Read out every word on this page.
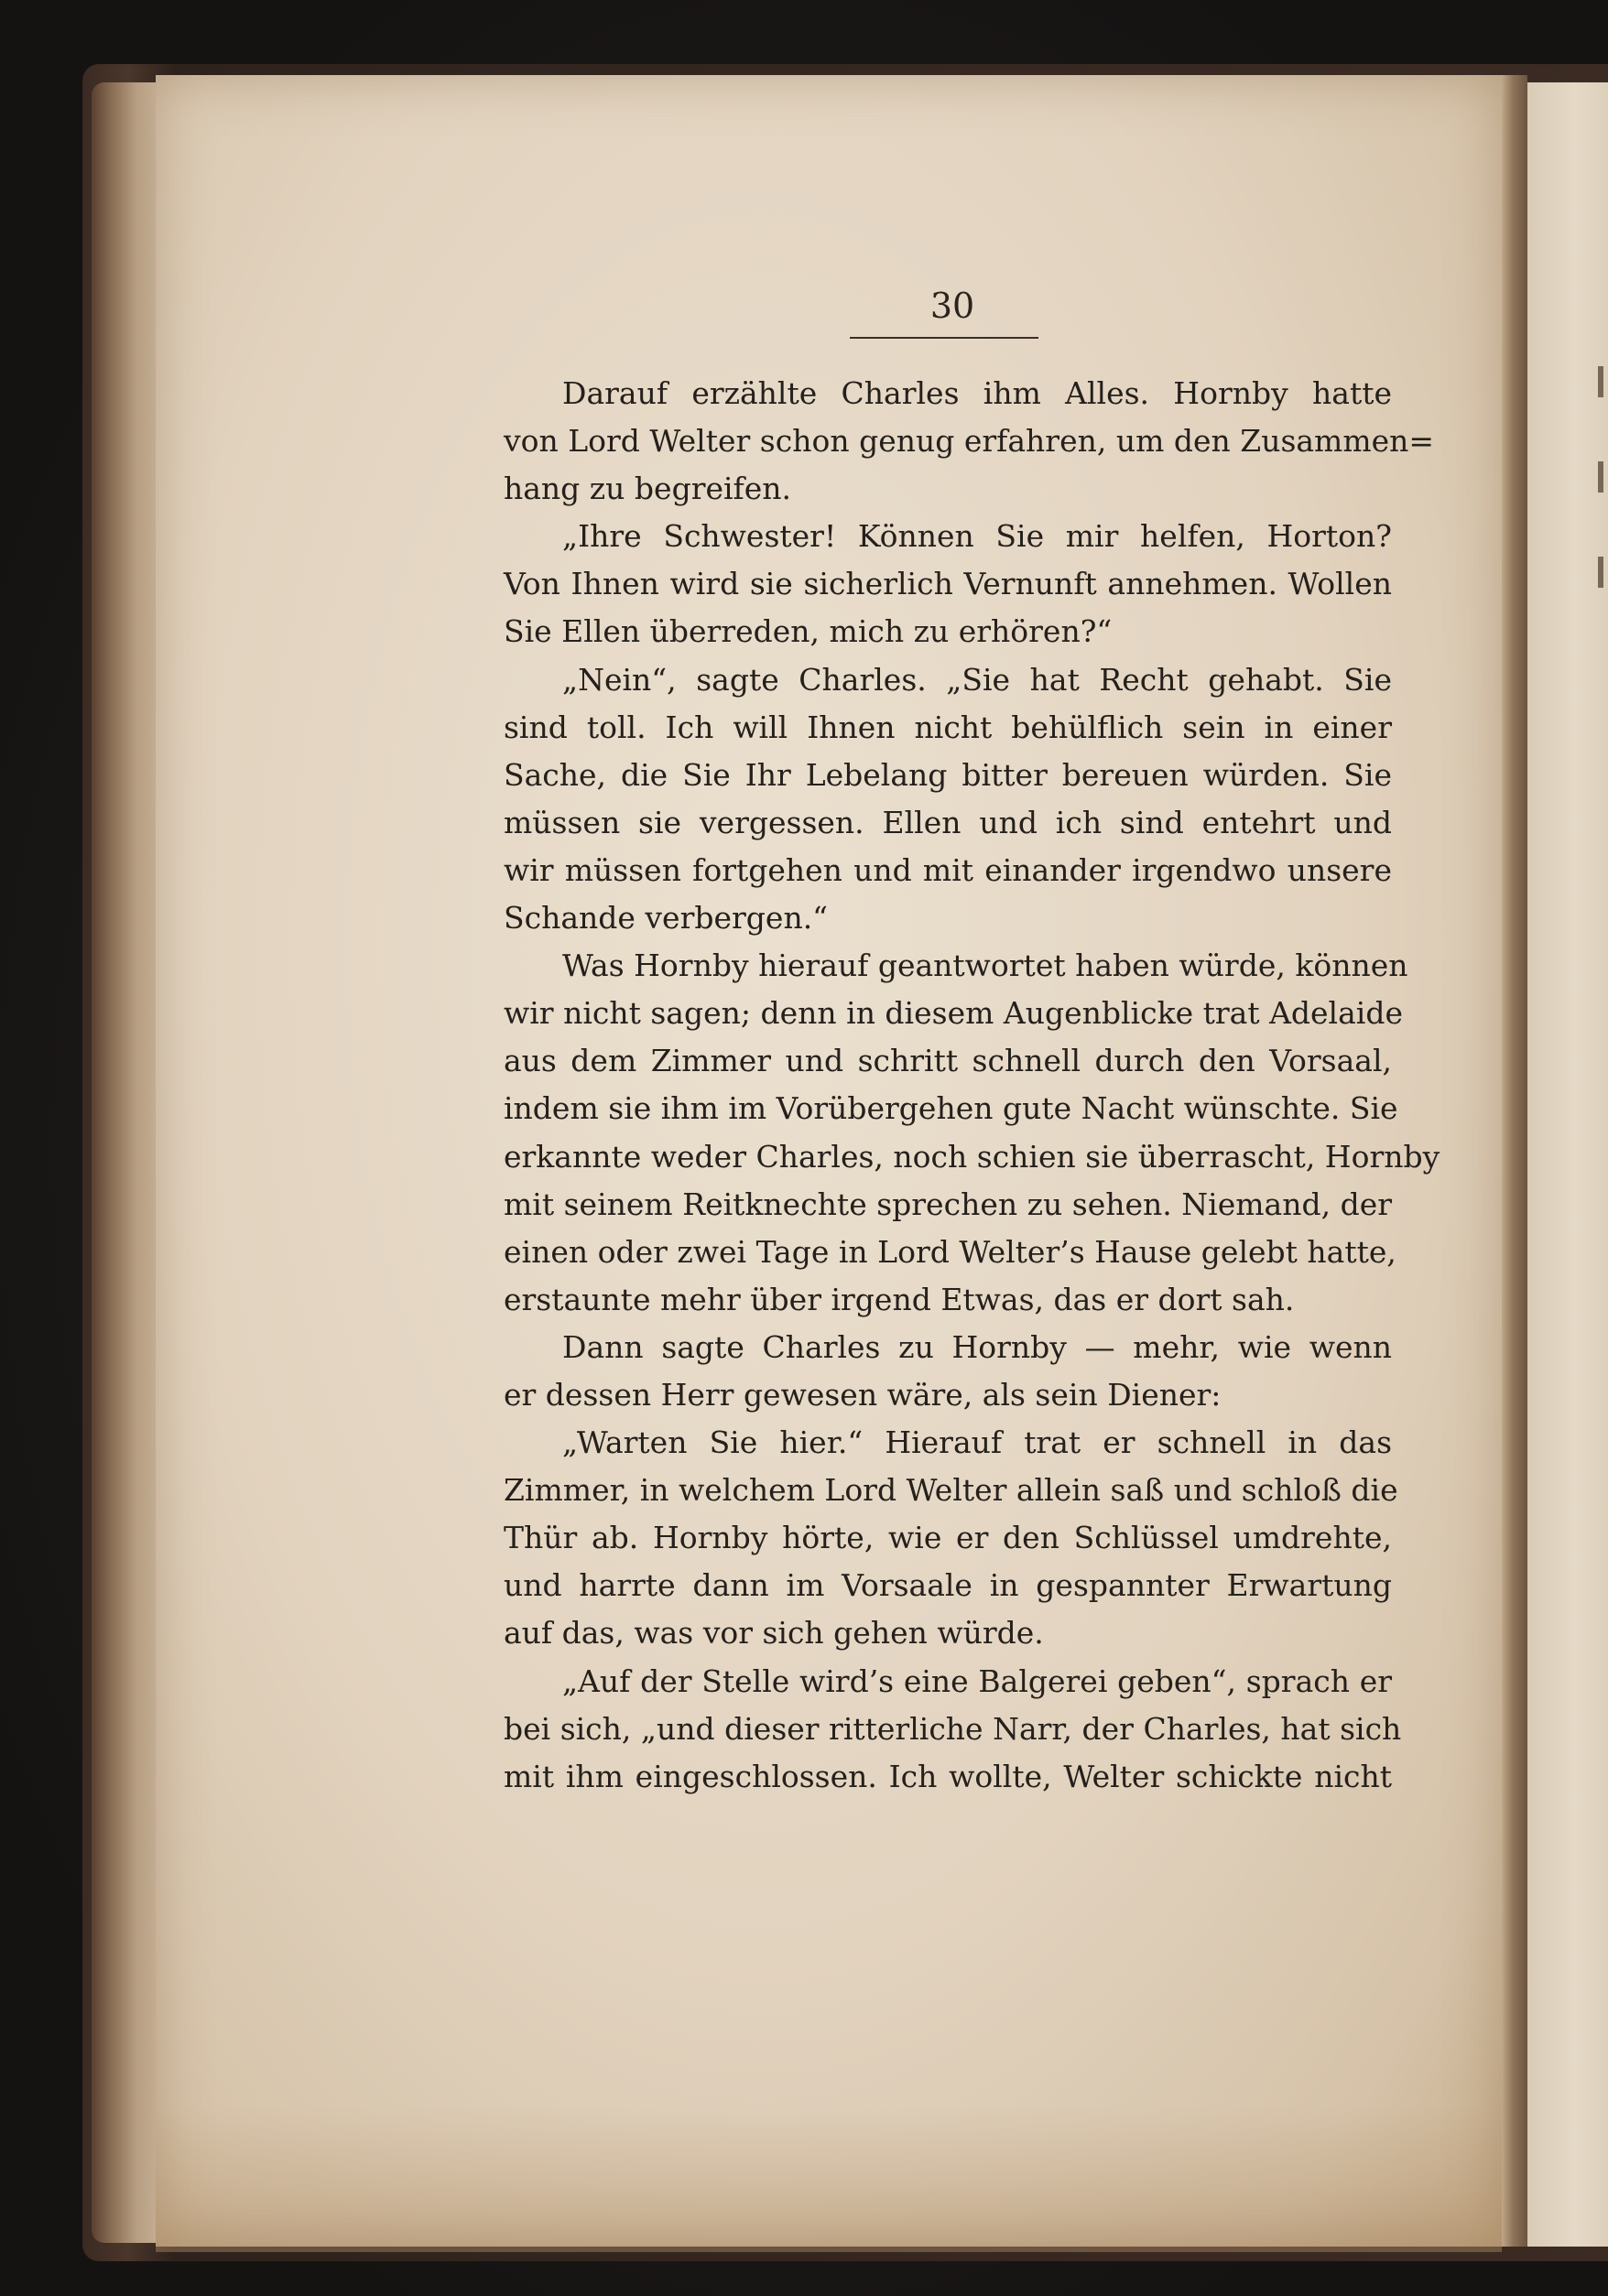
30
Darauf erzählte Charles ihm Alles. Hornby hatte
von Lord Welter schon genug erfahren, um den Zusammen=
hang zu begreifen.
„Ihre Schwester! Können Sie mir helfen, Horton?
Von Ihnen wird sie sicherlich Vernunft annehmen. Wollen
Sie Ellen überreden, mich zu erhören?“
„Nein“, sagte Charles. „Sie hat Recht gehabt. Sie
sind toll. Ich will Ihnen nicht behülflich sein in einer
Sache, die Sie Ihr Lebelang bitter bereuen würden. Sie
müssen sie vergessen. Ellen und ich sind entehrt und
wir müssen fortgehen und mit einander irgendwo unsere
Schande verbergen.“
Was Hornby hierauf geantwortet haben würde, können
wir nicht sagen; denn in diesem Augenblicke trat Adelaide
aus dem Zimmer und schritt schnell durch den Vorsaal,
indem sie ihm im Vorübergehen gute Nacht wünschte. Sie
erkannte weder Charles, noch schien sie überrascht, Hornby
mit seinem Reitknechte sprechen zu sehen. Niemand, der
einen oder zwei Tage in Lord Welter’s Hause gelebt hatte,
erstaunte mehr über irgend Etwas, das er dort sah.
Dann sagte Charles zu Hornby — mehr, wie wenn
er dessen Herr gewesen wäre, als sein Diener:
„Warten Sie hier.“ Hierauf trat er schnell in das
Zimmer, in welchem Lord Welter allein saß und schloß die
Thür ab. Hornby hörte, wie er den Schlüssel umdrehte,
und harrte dann im Vorsaale in gespannter Erwartung
auf das, was vor sich gehen würde.
„Auf der Stelle wird’s eine Balgerei geben“, sprach er
bei sich, „und dieser ritterliche Narr, der Charles, hat sich
mit ihm eingeschlossen. Ich wollte, Welter schickte nicht
